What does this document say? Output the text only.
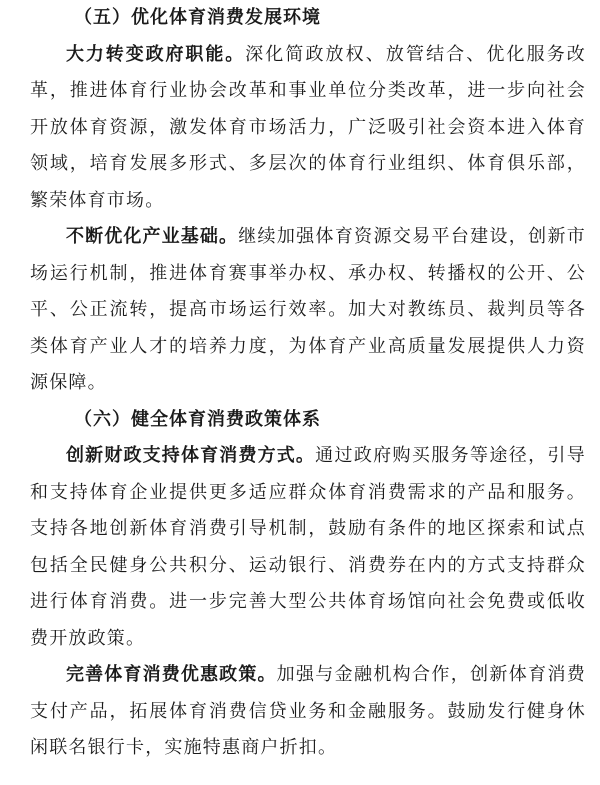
（五）优化体育消费发展环境

大力转变政府职能。深化简政放权、放管结合、优化服务改革，推进体育行业协会改革和事业单位分类改革，进一步向社会开放体育资源，激发体育市场活力，广泛吸引社会资本进入体育领域，培育发展多形式、多层次的体育行业组织、体育俱乐部，繁荣体育市场。

不断优化产业基础。继续加强体育资源交易平台建设，创新市场运行机制，推进体育赛事举办权、承办权、转播权的公开、公平、公正流转，提高市场运行效率。加大对教练员、裁判员等各类体育产业人才的培养力度，为体育产业高质量发展提供人力资源保障。

（六）健全体育消费政策体系

创新财政支持体育消费方式。通过政府购买服务等途径，引导和支持体育企业提供更多适应群众体育消费需求的产品和服务。支持各地创新体育消费引导机制，鼓励有条件的地区探索和试点包括全民健身公共积分、运动银行、消费券在内的方式支持群众进行体育消费。进一步完善大型公共体育场馆向社会免费或低收费开放政策。

完善体育消费优惠政策。加强与金融机构合作，创新体育消费支付产品，拓展体育消费信贷业务和金融服务。鼓励发行健身休闲联名银行卡，实施特惠商户折扣。
